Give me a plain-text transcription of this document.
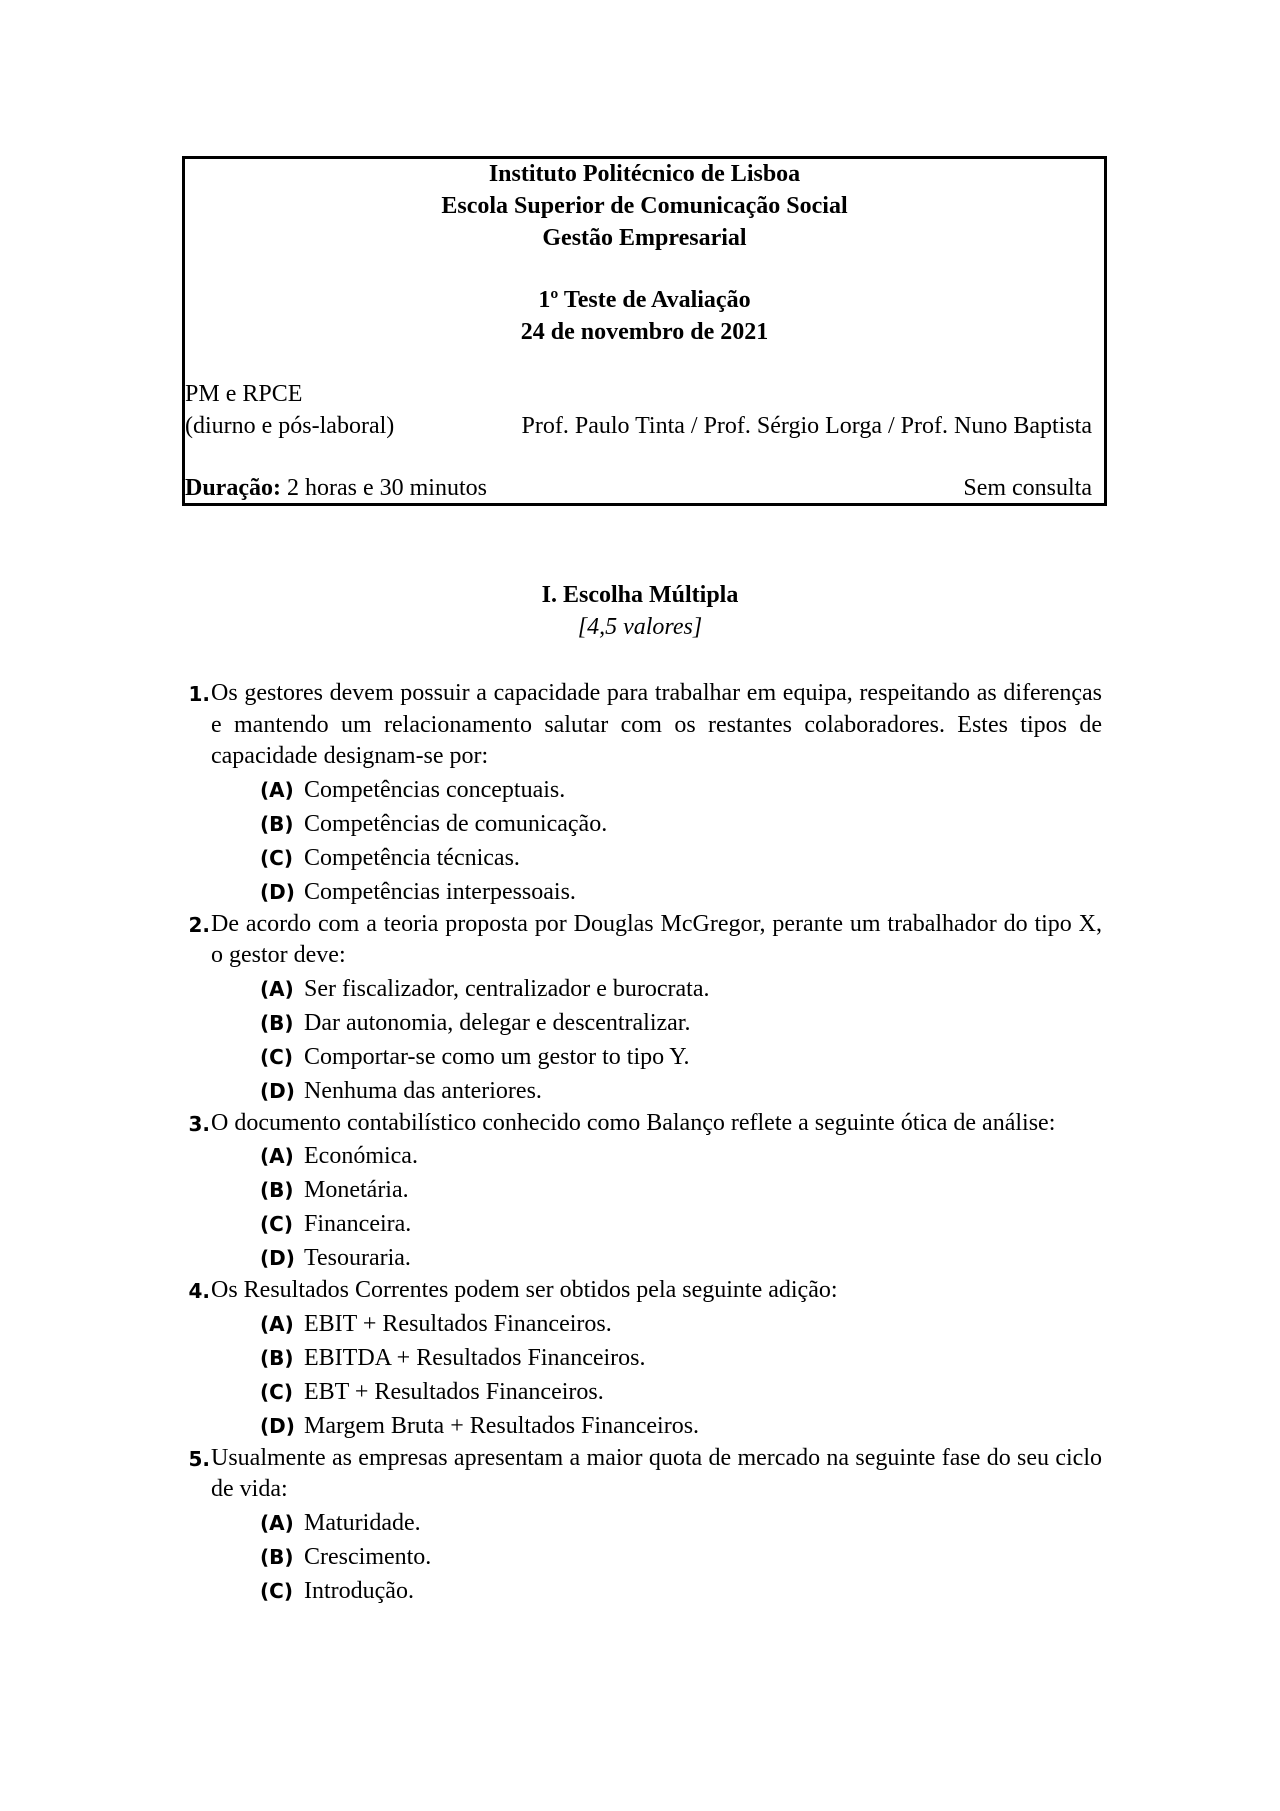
Instituto Politécnico de Lisboa
Escola Superior de Comunicação Social
Gestão Empresarial
1º Teste de Avaliação
24 de novembro de 2021
PM e RPCE
(diurno e pós-laboral)	Prof. Paulo Tinta / Prof. Sérgio Lorga / Prof. Nuno Baptista
Duração: 2 horas e 30 minutos	Sem consulta
I. Escolha Múltipla
[4,5 valores]
1. Os gestores devem possuir a capacidade para trabalhar em equipa, respeitando as diferenças e mantendo um relacionamento salutar com os restantes colaboradores. Estes tipos de capacidade designam-se por:
(A) Competências conceptuais.
(B) Competências de comunicação.
(C) Competência técnicas.
(D) Competências interpessoais.
2. De acordo com a teoria proposta por Douglas McGregor, perante um trabalhador do tipo X, o gestor deve:
(A) Ser fiscalizador, centralizador e burocrata.
(B) Dar autonomia, delegar e descentralizar.
(C) Comportar-se como um gestor to tipo Y.
(D) Nenhuma das anteriores.
3. O documento contabilístico conhecido como Balanço reflete a seguinte ótica de análise:
(A) Económica.
(B) Monetária.
(C) Financeira.
(D) Tesouraria.
4. Os Resultados Correntes podem ser obtidos pela seguinte adição:
(A) EBIT + Resultados Financeiros.
(B) EBITDA + Resultados Financeiros.
(C) EBT + Resultados Financeiros.
(D) Margem Bruta + Resultados Financeiros.
5. Usualmente as empresas apresentam a maior quota de mercado na seguinte fase do seu ciclo de vida:
(A) Maturidade.
(B) Crescimento.
(C) Introdução.
